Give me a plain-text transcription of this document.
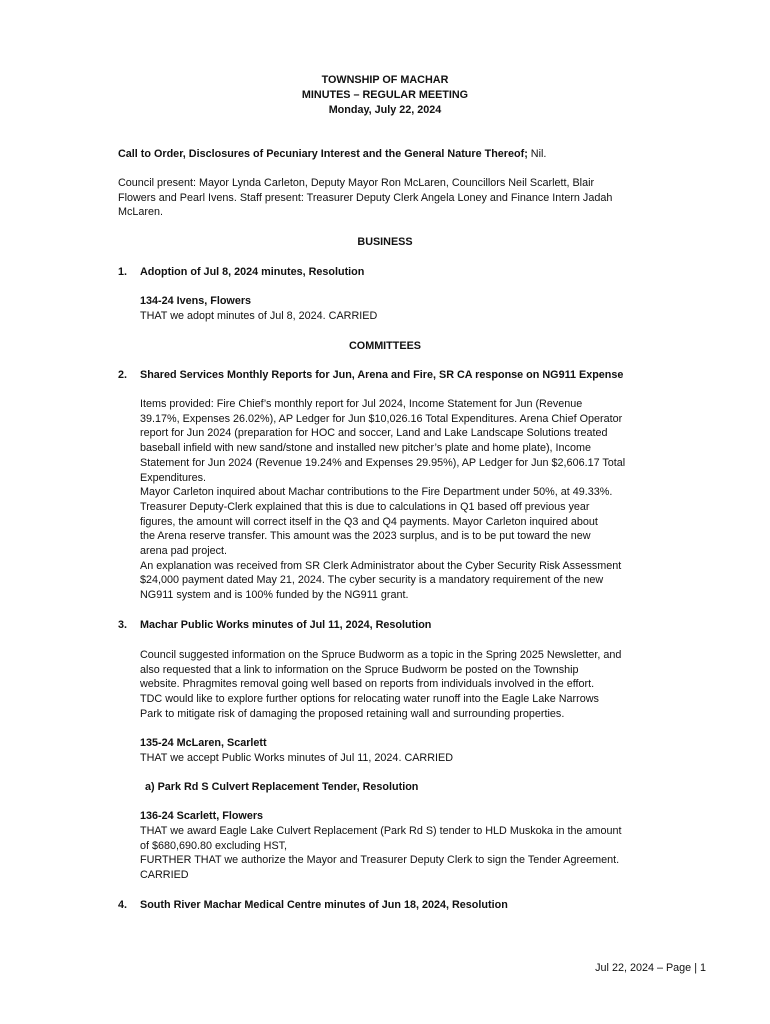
TOWNSHIP OF MACHAR
MINUTES – REGULAR MEETING
Monday, July 22, 2024
Call to Order, Disclosures of Pecuniary Interest and the General Nature Thereof; Nil.
Council present: Mayor Lynda Carleton, Deputy Mayor Ron McLaren, Councillors Neil Scarlett, Blair
Flowers and Pearl Ivens. Staff present: Treasurer Deputy Clerk Angela Loney and Finance Intern Jadah
McLaren.
BUSINESS
1. Adoption of Jul 8, 2024 minutes, Resolution
134-24 Ivens, Flowers
THAT we adopt minutes of Jul 8, 2024. CARRIED
COMMITTEES
2. Shared Services Monthly Reports for Jun, Arena and Fire, SR CA response on NG911 Expense
Items provided: Fire Chief’s monthly report for Jul 2024, Income Statement for Jun (Revenue
39.17%, Expenses 26.02%), AP Ledger for Jun $10,026.16 Total Expenditures. Arena Chief Operator
report for Jun 2024 (preparation for HOC and soccer, Land and Lake Landscape Solutions treated
baseball infield with new sand/stone and installed new pitcher’s plate and home plate), Income
Statement for Jun 2024 (Revenue 19.24% and Expenses 29.95%), AP Ledger for Jun $2,606.17 Total
Expenditures.
Mayor Carleton inquired about Machar contributions to the Fire Department under 50%, at 49.33%.
Treasurer Deputy-Clerk explained that this is due to calculations in Q1 based off previous year
figures, the amount will correct itself in the Q3 and Q4 payments. Mayor Carleton inquired about
the Arena reserve transfer. This amount was the 2023 surplus, and is to be put toward the new
arena pad project.
An explanation was received from SR Clerk Administrator about the Cyber Security Risk Assessment
$24,000 payment dated May 21, 2024. The cyber security is a mandatory requirement of the new
NG911 system and is 100% funded by the NG911 grant.
3. Machar Public Works minutes of Jul 11, 2024, Resolution
Council suggested information on the Spruce Budworm as a topic in the Spring 2025 Newsletter, and
also requested that a link to information on the Spruce Budworm be posted on the Township
website. Phragmites removal going well based on reports from individuals involved in the effort.
TDC would like to explore further options for relocating water runoff into the Eagle Lake Narrows
Park to mitigate risk of damaging the proposed retaining wall and surrounding properties.
135-24 McLaren, Scarlett
THAT we accept Public Works minutes of Jul 11, 2024. CARRIED
a) Park Rd S Culvert Replacement Tender, Resolution
136-24 Scarlett, Flowers
THAT we award Eagle Lake Culvert Replacement (Park Rd S) tender to HLD Muskoka in the amount
of $680,690.80 excluding HST,
FURTHER THAT we authorize the Mayor and Treasurer Deputy Clerk to sign the Tender Agreement.
CARRIED
4. South River Machar Medical Centre minutes of Jun 18, 2024, Resolution
Jul 22, 2024 – Page | 1
